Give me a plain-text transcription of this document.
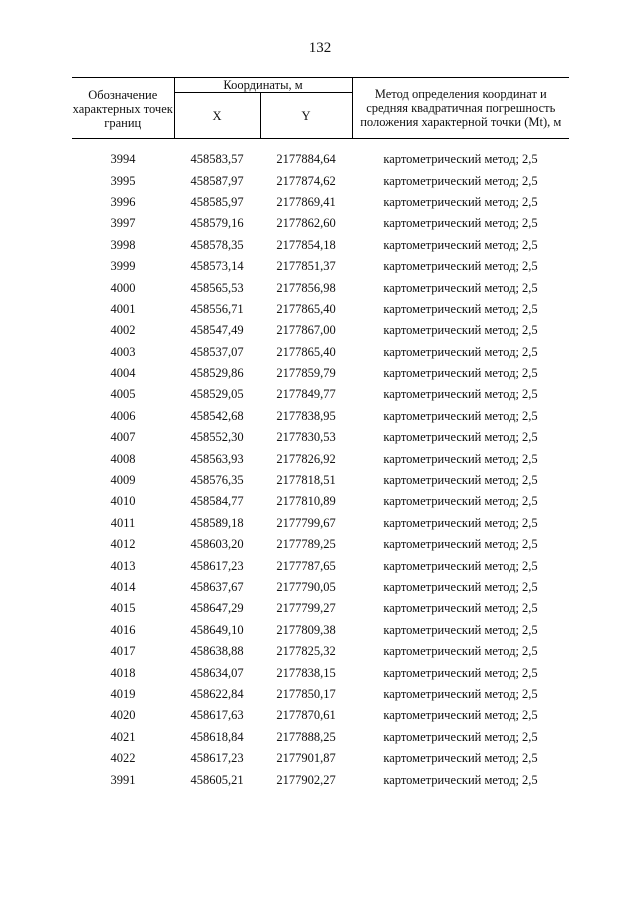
132
Обозначение характерных точек границ	Координаты, м		Метод определения координат и средняя квадратичная погрешность положения характерной точки (Mt), м
	X	Y	

3994	458583,57	2177884,64	картометрический метод; 2,5
3995	458587,97	2177874,62	картометрический метод; 2,5
3996	458585,97	2177869,41	картометрический метод; 2,5
3997	458579,16	2177862,60	картометрический метод; 2,5
3998	458578,35	2177854,18	картометрический метод; 2,5
3999	458573,14	2177851,37	картометрический метод; 2,5
4000	458565,53	2177856,98	картометрический метод; 2,5
4001	458556,71	2177865,40	картометрический метод; 2,5
4002	458547,49	2177867,00	картометрический метод; 2,5
4003	458537,07	2177865,40	картометрический метод; 2,5
4004	458529,86	2177859,79	картометрический метод; 2,5
4005	458529,05	2177849,77	картометрический метод; 2,5
4006	458542,68	2177838,95	картометрический метод; 2,5
4007	458552,30	2177830,53	картометрический метод; 2,5
4008	458563,93	2177826,92	картометрический метод; 2,5
4009	458576,35	2177818,51	картометрический метод; 2,5
4010	458584,77	2177810,89	картометрический метод; 2,5
4011	458589,18	2177799,67	картометрический метод; 2,5
4012	458603,20	2177789,25	картометрический метод; 2,5
4013	458617,23	2177787,65	картометрический метод; 2,5
4014	458637,67	2177790,05	картометрический метод; 2,5
4015	458647,29	2177799,27	картометрический метод; 2,5
4016	458649,10	2177809,38	картометрический метод; 2,5
4017	458638,88	2177825,32	картометрический метод; 2,5
4018	458634,07	2177838,15	картометрический метод; 2,5
4019	458622,84	2177850,17	картометрический метод; 2,5
4020	458617,63	2177870,61	картометрический метод; 2,5
4021	458618,84	2177888,25	картометрический метод; 2,5
4022	458617,23	2177901,87	картометрический метод; 2,5
3991	458605,21	2177902,27	картометрический метод; 2,5
